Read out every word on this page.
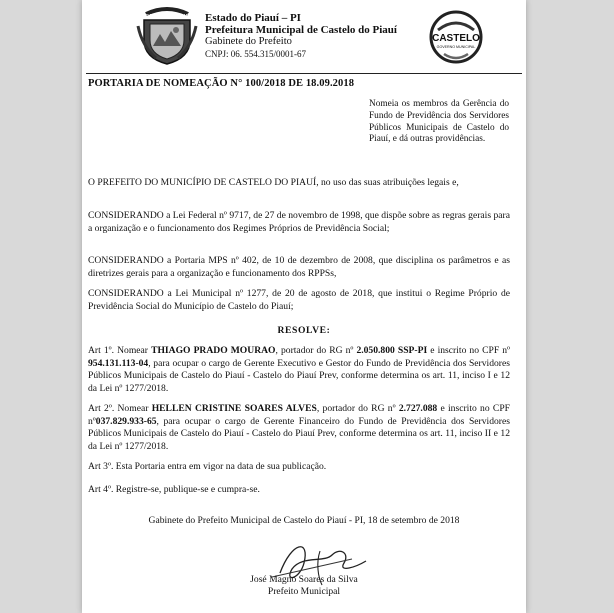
CASTELO DO PIAUÍ Estado do Piauí – PI
Prefeitura Municipal de Castelo do Piauí
Gabinete do Prefeito
CNPJ: 06. 554.315/0001-67
CASTELO
GOVERNO MUNICIPAL
PORTARIA DE NOMEAÇÃO N° 100/2018 DE 18.09.2018
Nomeia os membros da Gerência do Fundo de Previdência dos Servidores Públicos Municipais de Castelo do Piauí, e dá outras providências.
O PREFEITO DO MUNICÍPIO DE CASTELO DO PIAUÍ, no uso das suas atribuições legais e,
CONSIDERANDO a Lei Federal nº 9717, de 27 de novembro de 1998, que dispõe sobre as regras gerais para a organização e o funcionamento dos Regimes Próprios de Previdência Social;
CONSIDERANDO a Portaria MPS nº 402, de 10 de dezembro de 2008, que disciplina os parâmetros e as diretrizes gerais para a organização e funcionamento dos RPPSs,
CONSIDERANDO a Lei Municipal nº 1277, de 20 de agosto de 2018, que institui o Regime Próprio de Previdência Social do Município de Castelo do Piauí;
RESOLVE:
Art 1º. Nomear THIAGO PRADO MOURAO, portador do RG nº 2.050.800 SSP-PI e inscrito no CPF nº 954.131.113-04, para ocupar o cargo de Gerente Executivo e Gestor do Fundo de Previdência dos Servidores Públicos Municipais de Castelo do Piauí - Castelo do Piauí Prev, conforme determina os art. 11, inciso I e 12 da Lei nº 1277/2018.
Art 2º. Nomear HELLEN CRISTINE SOARES ALVES, portador do RG nº 2.727.088 e inscrito no CPF nº037.829.933-65, para ocupar o cargo de Gerente Financeiro do Fundo de Previdência dos Servidores Públicos Municipais de Castelo do Piauí - Castelo do Piauí Prev, conforme determina os art. 11, inciso II e 12 da Lei nº 1277/2018.
Art 3º. Esta Portaria entra em vigor na data de sua publicação.
Art 4º. Registre-se, publique-se e cumpra-se.
Gabinete do Prefeito Municipal de Castelo do Piauí - PI, 18 de setembro de 2018
José Magno Soares da Silva
Prefeito Municipal
